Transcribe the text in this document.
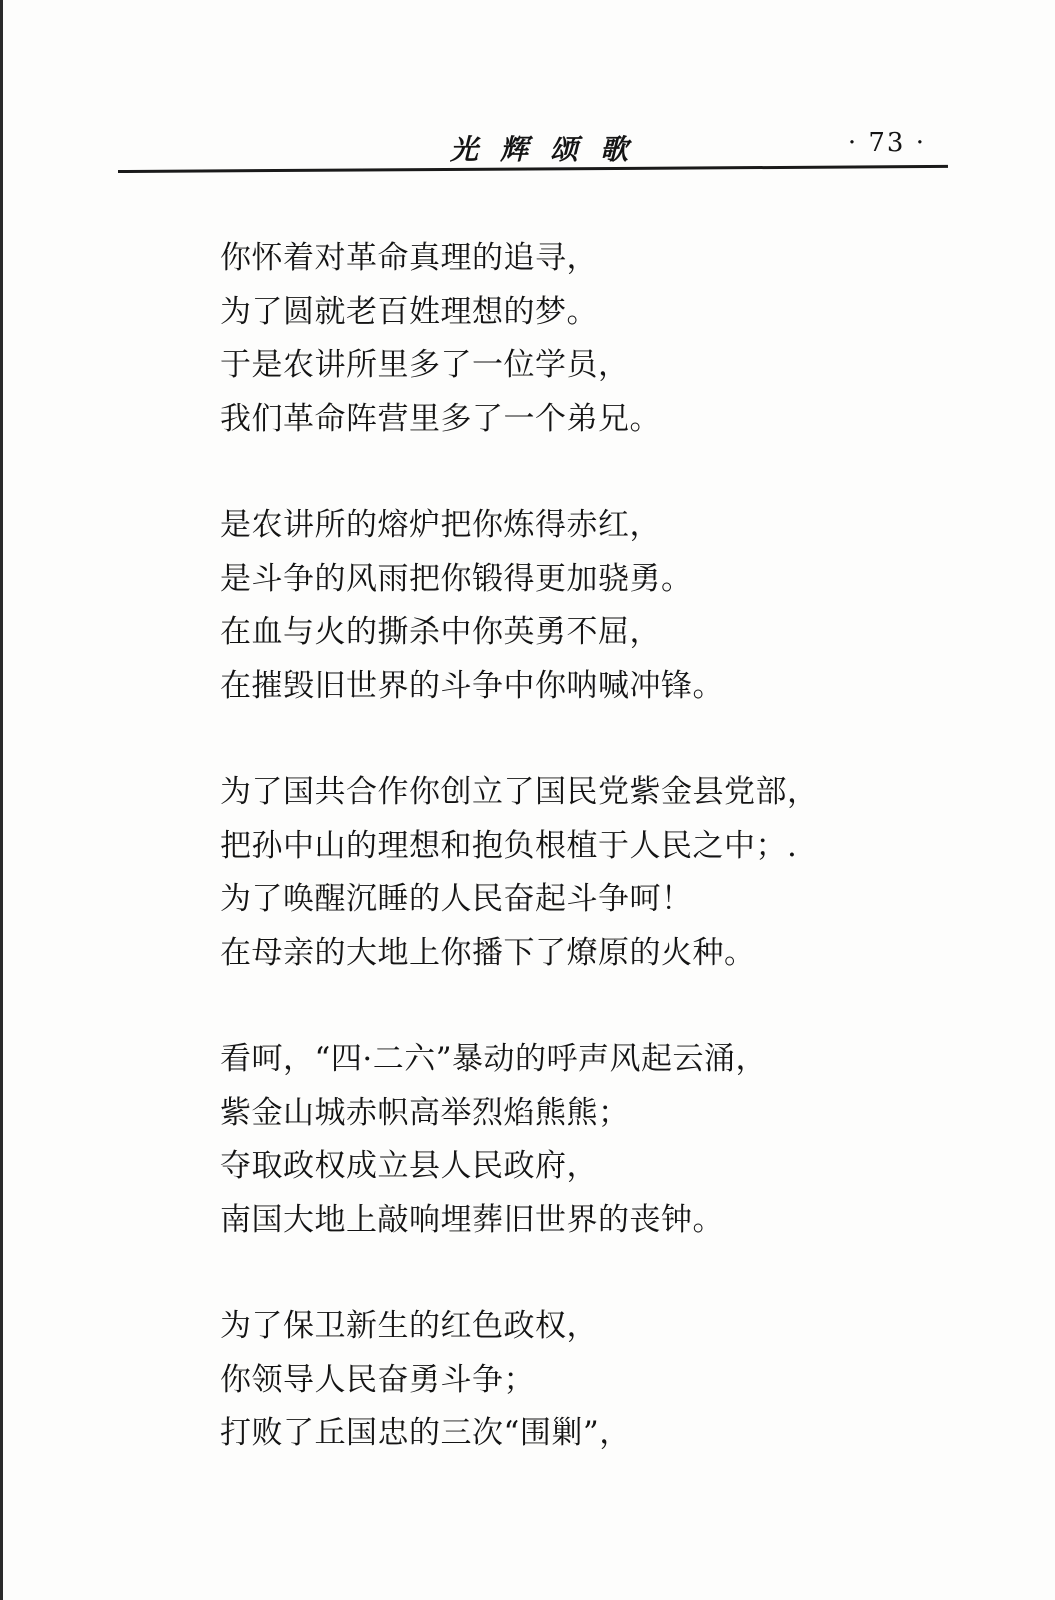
光辉颂歌	· 73 ·
你怀着对革命真理的追寻，
为了圆就老百姓理想的梦。
于是农讲所里多了一位学员，
我们革命阵营里多了一个弟兄。
是农讲所的熔炉把你炼得赤红，
是斗争的风雨把你锻得更加骁勇。
在血与火的撕杀中你英勇不屈，
在摧毁旧世界的斗争中你呐喊冲锋。
为了国共合作你创立了国民党紫金县党部，
把孙中山的理想和抱负根植于人民之中；.
为了唤醒沉睡的人民奋起斗争呵！
在母亲的大地上你播下了燎原的火种。
看呵，“四·二六”暴动的呼声风起云涌，
紫金山城赤帜高举烈焰熊熊；
夺取政权成立县人民政府，
南国大地上敲响埋葬旧世界的丧钟。
为了保卫新生的红色政权，
你领导人民奋勇斗争；
打败了丘国忠的三次“围剿”，
